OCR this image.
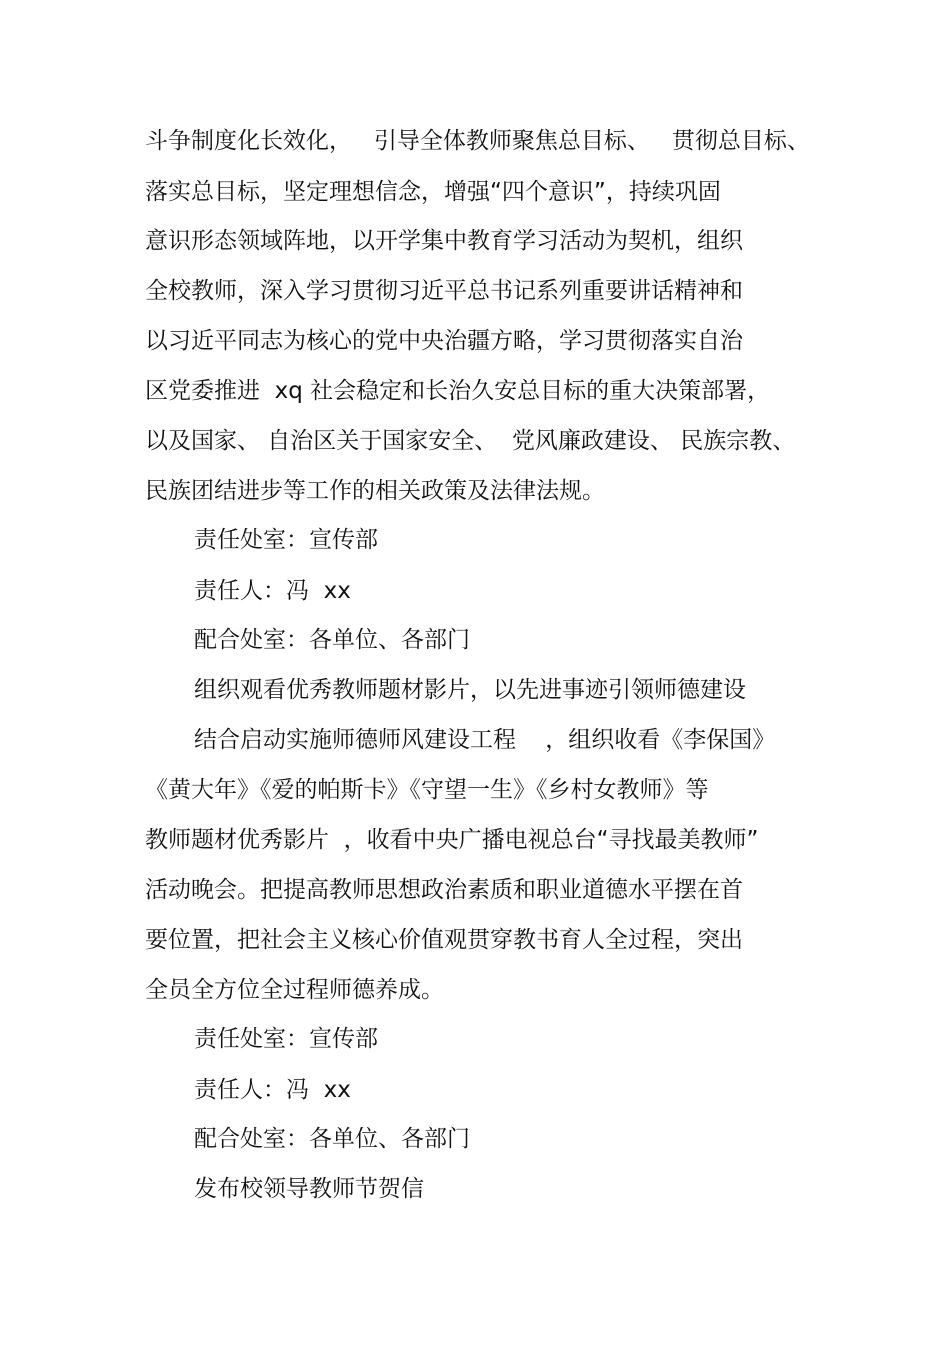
斗争制度化长效化，   引导全体教师聚焦总目标、   贯彻总目标、
落实总目标，坚定理想信念，增强“四个意识”，持续巩固
意识形态领域阵地，以开学集中教育学习活动为契机，组织
全校教师，深入学习贯彻习近平总书记系列重要讲话精神和
以习近平同志为核心的党中央治疆方略，学习贯彻落实自治
区党委推进  xq 社会稳定和长治久安总目标的重大决策部署，
以及国家、 自治区关于国家安全、  党风廉政建设、 民族宗教、
民族团结进步等工作的相关政策及法律法规。
责任处室：宣传部
责任人：冯  xx
配合处室：各单位、各部门
组织观看优秀教师题材影片，以先进事迹引领师德建设
结合启动实施师德师风建设工程    ，组织收看《李保国》
《黄大年》《爱的帕斯卡》《守望一生》《乡村女教师》等
教师题材优秀影片  ，收看中央广播电视总台“寻找最美教师”
活动晚会。把提高教师思想政治素质和职业道德水平摆在首
要位置，把社会主义核心价值观贯穿教书育人全过程，突出
全员全方位全过程师德养成。
责任处室：宣传部
责任人：冯  xx
配合处室：各单位、各部门
发布校领导教师节贺信
